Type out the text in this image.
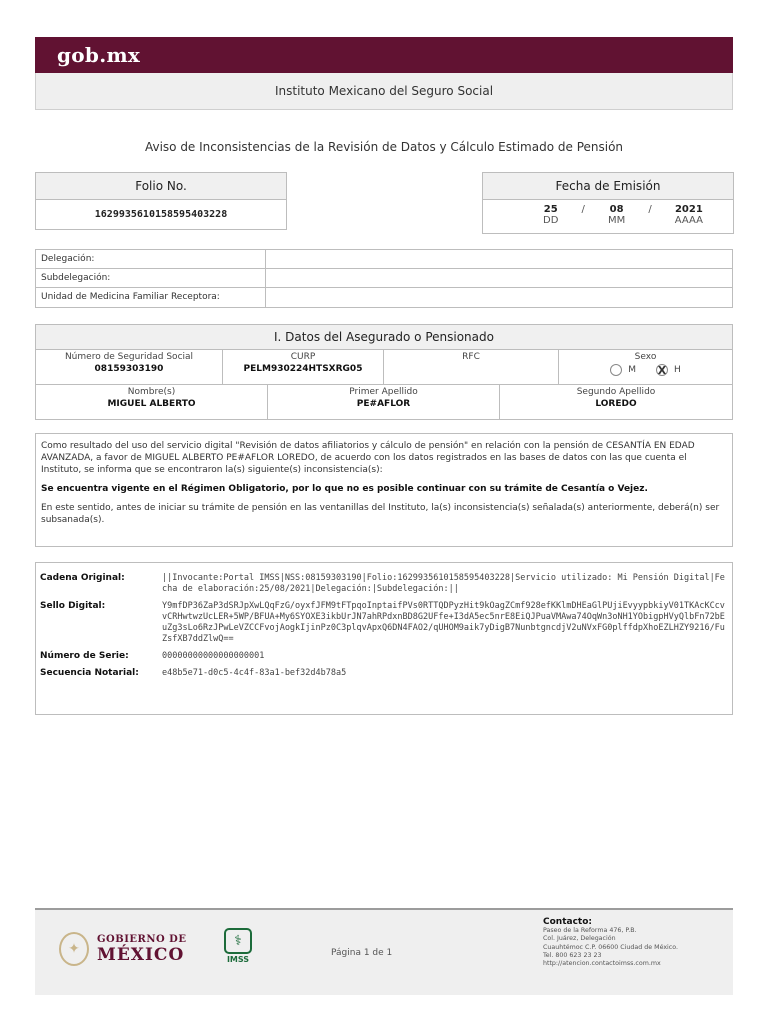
gob.mx
Instituto Mexicano del Seguro Social
Aviso de Inconsistencias de la Revisión de Datos y Cálculo Estimado de Pensión
Folio No.
1629935610158595403228
Fecha de Emisión
25
DD
/ 08
MM
/ 2021
AAAA
Delegación:
Subdelegación:
Unidad de Medicina Familiar Receptora:
I. Datos del Asegurado o Pensionado
Número de Seguridad Social
08159303190
CURP
PELM930224HTSXRG05
RFC	Sexo
M X H
Nombre(s)
MIGUEL ALBERTO
Primer Apellido
PE#AFLOR
Segundo Apellido
LOREDO

Como resultado del uso del servicio digital "Revisión de datos afiliatorios y cálculo de pensión" en relación con la pensión de CESANTÍA EN EDAD AVANZADA, a favor de MIGUEL ALBERTO PE#AFLOR LOREDO, de acuerdo con los datos registrados en las bases de datos con las que cuenta el Instituto, se informa que se encontraron la(s) siguiente(s) inconsistencia(s):

Se encuentra vigente en el Régimen Obligatorio, por lo que no es posible continuar con su trámite de Cesantía o Vejez.

En este sentido, antes de iniciar su trámite de pensión en las ventanillas del Instituto, la(s) inconsistencia(s) señalada(s) anteriormente, deberá(n) ser subsanada(s).

Cadena Original:	||Invocante:Portal IMSS|NSS:08159303190|Folio:1629935610158595403228|Servicio utilizado: Mi Pensión Digital|Fecha de elaboración:25/08/2021|Delegación:|Subdelegación:||
Sello Digital:	Y9mfDP36ZaP3dSRJpXwLQqFzG/oyxfJFM9tFTpqoInptaifPVs0RTTQDPyzHit9kOagZCmf928efKKlmDHEaGlPUjiEvyypbkiyV01TKAcKCcvvCRHwtwzUcLER+5WP/BFUA+My6SYOXE3ikbUrJN7ahRPdxnBD8G2UFfe+I3dA5ec5nrE8EiQJPuaVMAwa74OqWn3oNH1YObigpHVyQlbFn72bEuZg3sLo6RzJPwLeVZCCFvojAogkIjinPz0C3plqvApxQ6DN4FAO2/qUHOM9aik7yDigB7NunbtgncdjV2uNVxFG0plffdpXhoEZLHZY9216/FuZsfXB7ddZlwQ==
Número de Serie:	00000000000000000001
Secuencia Notarial:	e48b5e71-d0c5-4c4f-83a1-bef32d4b78a5
✦
GOBIERNO DE
MÉXICO
⚕
IMSS
Página 1 de 1
Contacto:
Paseo de la Reforma 476, P.B.
Col. Juárez, Delegación
Cuauhtémoc C.P. 06600 Ciudad de México.
Tel. 800 623 23 23
http://atencion.contactoimss.com.mx
